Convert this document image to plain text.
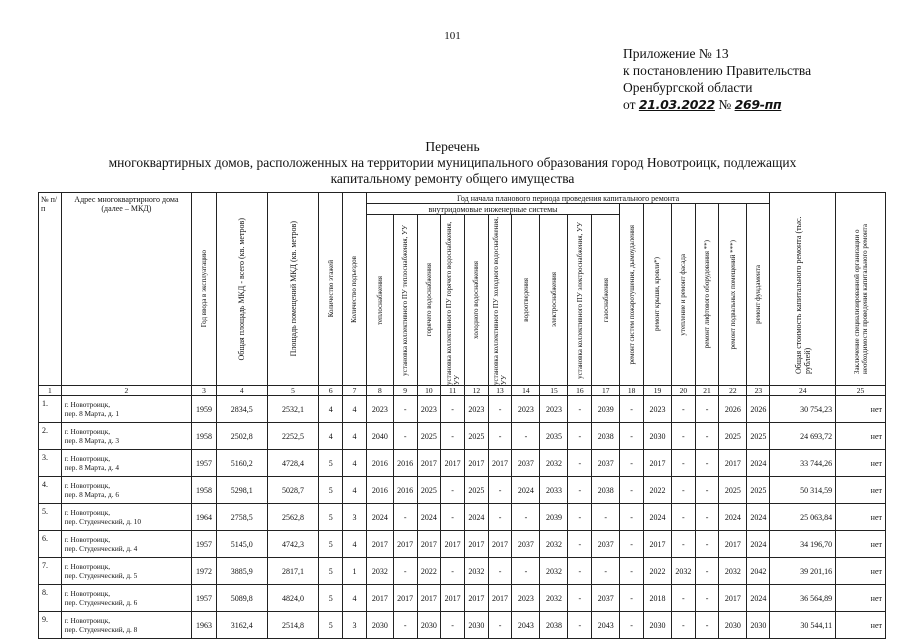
101
Приложение № 13
к постановлению Правительства
Оренбургской области
от 21.03.2022 № 269-пп
Перечень
многоквартирных домов, расположенных на территории муниципального образования город Новотроицк, подлежащих
капитальному ремонту общего имущества
№ п/п	Адрес многоквартирного дома (далее – МКД)	Год ввода в эксплуатацию	Общая площадь МКД - всего (кв. метров)	Площадь помещений МКД (кв. метров)	Количество этажей	Количество подъездов	Год начала планового периода проведения капитального ремонта																Общая стоимость капитального ремонта (тыс. рублей)	Заключение специализированной организации о необходимости проведения капитального ремонта

							внутридомовые инженерные системы										ремонт систем пожаротушения, дымоудаления	ремонт крыши, кровли*)	утепление и ремонт фасада	ремонт лифтового оборудования **)	ремонт подвальных помещений ***)	ремонт фундамента		

							теплоснабжения	установка коллективного ПУ теплоснабжения, УУ	горячего водоснабжения	установка коллективного ПУ горячего водоснабжения, УУ	холодного водоснабжения	установка коллективного ПУ холодного водоснабжения, УУ	водоотведения	электроснабжения	установка коллективного ПУ электроснабжения, УУ	газоснабжения								

1	2	3	4	5	6	7	8	9	10	11	12	13	14	15	16	17	18	19	20	21	22	23	24	25
1.	г. Новотроицк,
пер. 8 Марта, д. 1	1959	2834,5	2532,1	4	4	2023	-	2023	-	2023	-	2023	2023	-	2039	-	2023	-	-	2026	2026	30 754,23	нет
2.	г. Новотроицк,
пер. 8 Марта, д. 3	1958	2502,8	2252,5	4	4	2040	-	2025	-	2025	-	-	2035	-	2038	-	2030	-	-	2025	2025	24 693,72	нет
3.	г. Новотроицк,
пер. 8 Марта, д. 4	1957	5160,2	4728,4	5	4	2016	2016	2017	2017	2017	2017	2037	2032	-	2037	-	2017	-	-	2017	2024	33 744,26	нет
4.	г. Новотроицк,
пер. 8 Марта, д. 6	1958	5298,1	5028,7	5	4	2016	2016	2025	-	2025	-	2024	2033	-	2038	-	2022	-	-	2025	2025	50 314,59	нет
5.	г. Новотроицк,
пер. Студенческий, д. 10	1964	2758,5	2562,8	5	3	2024	-	2024	-	2024	-	-	2039	-	-	-	2024	-	-	2024	2024	25 063,84	нет
6.	г. Новотроицк,
пер. Студенческий, д. 4	1957	5145,0	4742,3	5	4	2017	2017	2017	2017	2017	2017	2037	2032	-	2037	-	2017	-	-	2017	2024	34 196,70	нет
7.	г. Новотроицк,
пер. Студенческий, д. 5	1972	3885,9	2817,1	5	1	2032	-	2022	-	2032	-	-	2032	-	-	-	2022	2032	-	2032	2042	39 201,16	нет
8.	г. Новотроицк,
пер. Студенческий, д. 6	1957	5089,8	4824,0	5	4	2017	2017	2017	2017	2017	2017	2023	2032	-	2037	-	2018	-	-	2017	2024	36 564,89	нет
9.	г. Новотроицк,
пер. Студенческий, д. 8	1963	3162,4	2514,8	5	3	2030	-	2030	-	2030	-	2043	2038	-	2043	-	2030	-	-	2030	2030	30 544,11	нет
